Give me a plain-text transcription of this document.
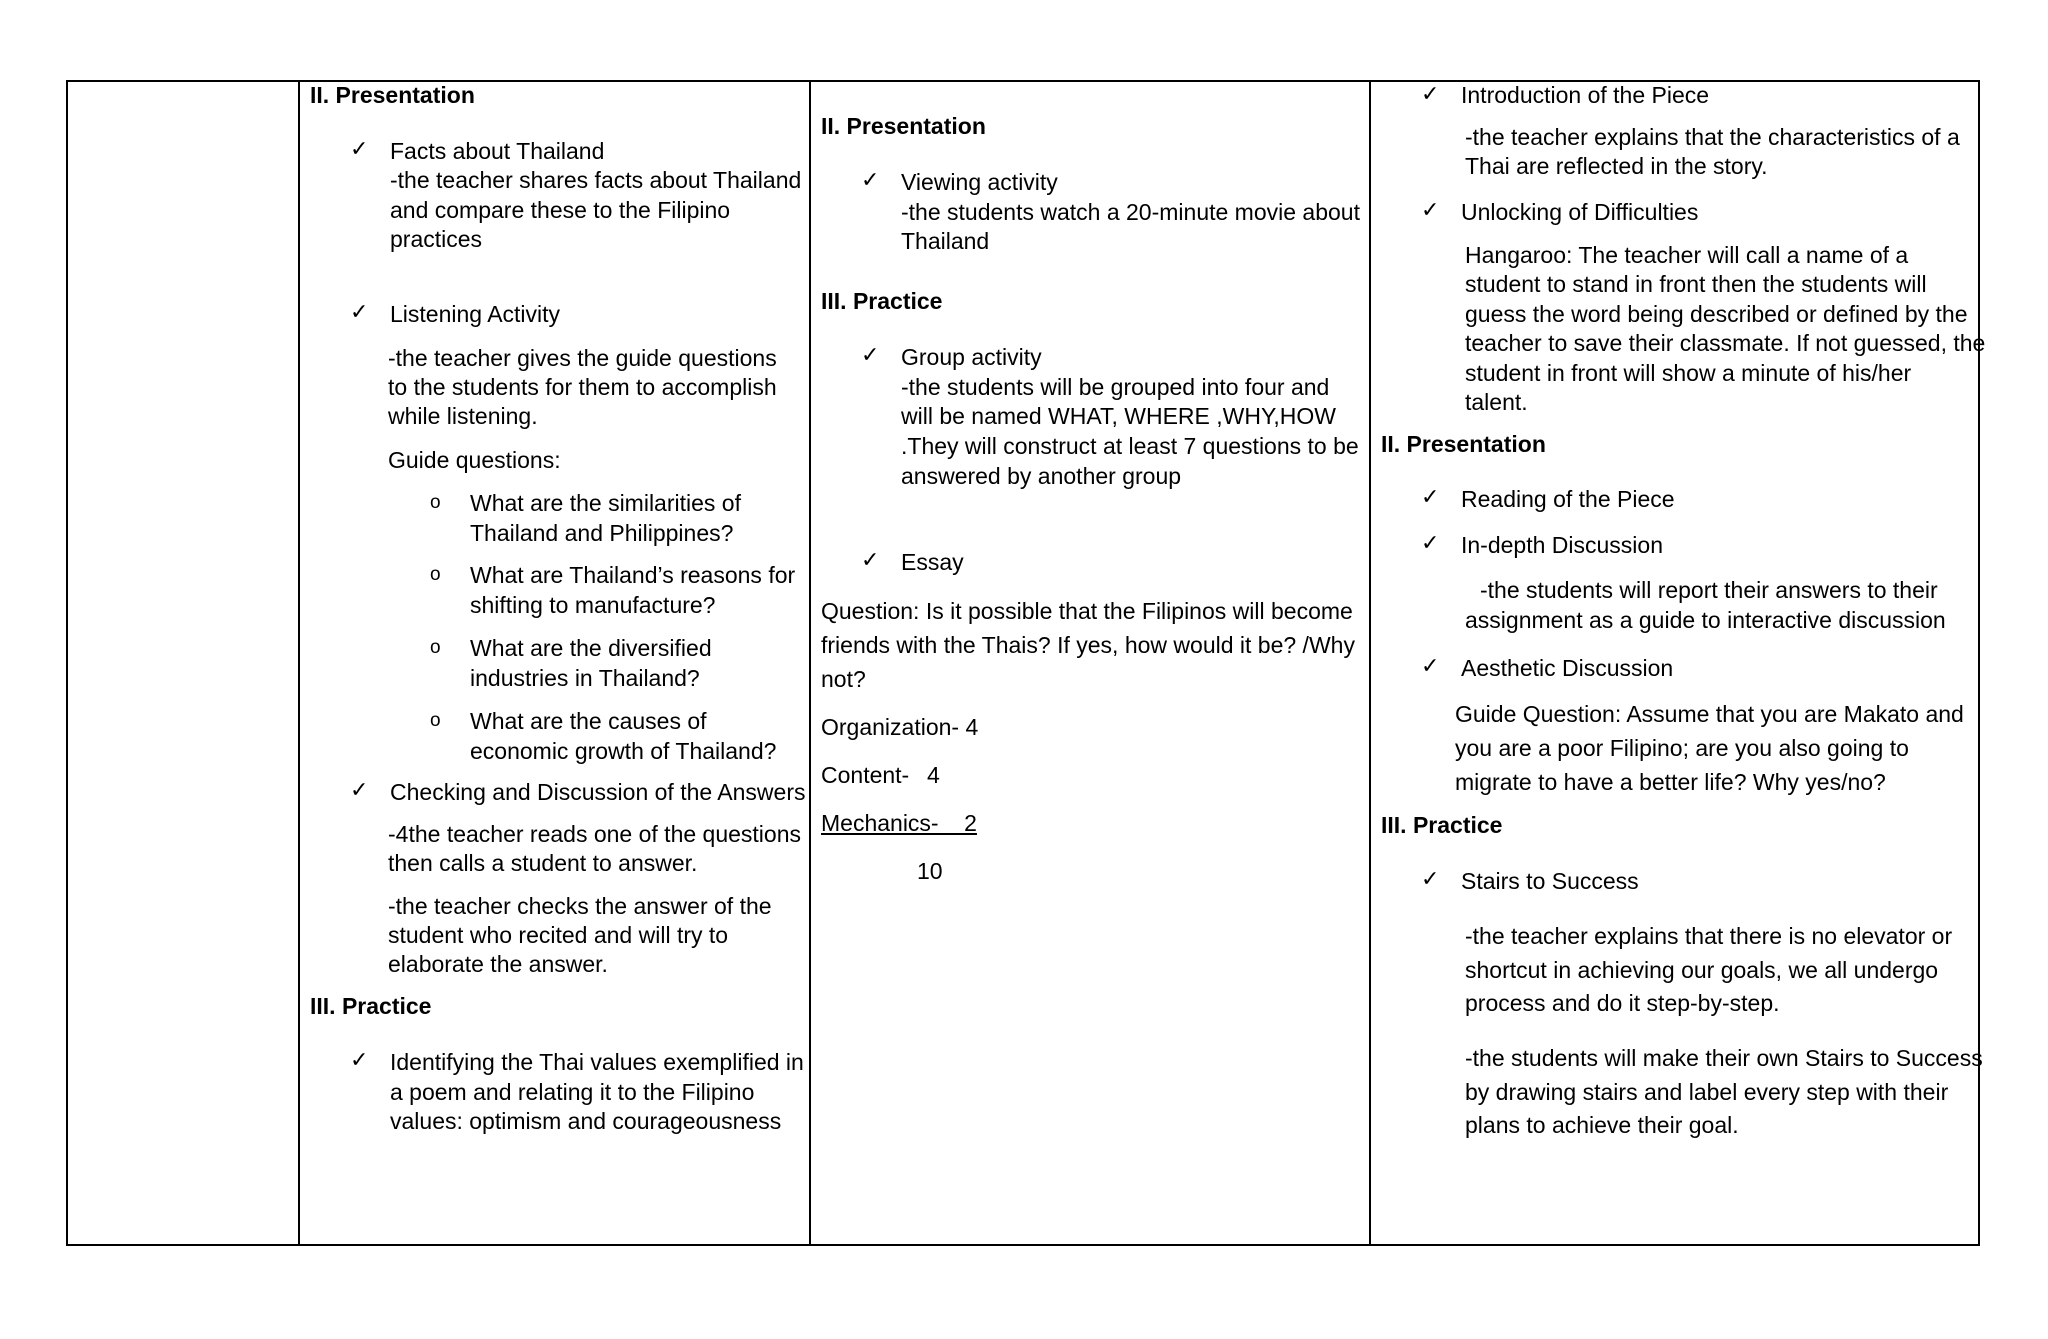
II. Presentation
✓ Facts about Thailand
-the teacher shares facts about Thailand
and compare these to the Filipino
practices
✓ Listening Activity
-the teacher gives the guide questions
to the students for them to accomplish
while listening.
Guide questions:
o What are the similarities of
Thailand and Philippines?
o What are Thailand’s reasons for
shifting to manufacture?
o What are the diversified
industries in Thailand?
o What are the causes of
economic growth of Thailand?
✓ Checking and Discussion of the Answers
-4the teacher reads one of the questions
then calls a student to answer.
-the teacher checks the answer of the
student who recited and will try to
elaborate the answer.
III. Practice
✓ Identifying the Thai values exemplified in
a poem and relating it to the Filipino
values: optimism and courageousness
II. Presentation
✓ Viewing activity
-the students watch a 20-minute movie about
Thailand
III. Practice
✓ Group activity
-the students will be grouped into four and
will be named WHAT, WHERE ,WHY,HOW
.They will construct at least 7 questions to be
answered by another group
✓ Essay
Question: Is it possible that the Filipinos will become
friends with the Thais? If yes, how would it be? /Why
not?
Organization- 4
Content- 4
Mechanics-    2
10
✓ Introduction of the Piece
-the teacher explains that the characteristics of a
Thai are reflected in the story.
✓ Unlocking of Difficulties
Hangaroo: The teacher will call a name of a
student to stand in front then the students will
guess the word being described or defined by the
teacher to save their classmate. If not guessed, the
student in front will show a minute of his/her
talent.
II. Presentation
✓ Reading of the Piece
✓ In-depth Discussion
-the students will report their answers to their
assignment as a guide to interactive discussion
✓ Aesthetic Discussion
Guide Question: Assume that you are Makato and
you are a poor Filipino; are you also going to
migrate to have a better life? Why yes/no?
III. Practice
✓ Stairs to Success
-the teacher explains that there is no elevator or
shortcut in achieving our goals, we all undergo
process and do it step-by-step.
-the students will make their own Stairs to Success
by drawing stairs and label every step with their
plans to achieve their goal.
